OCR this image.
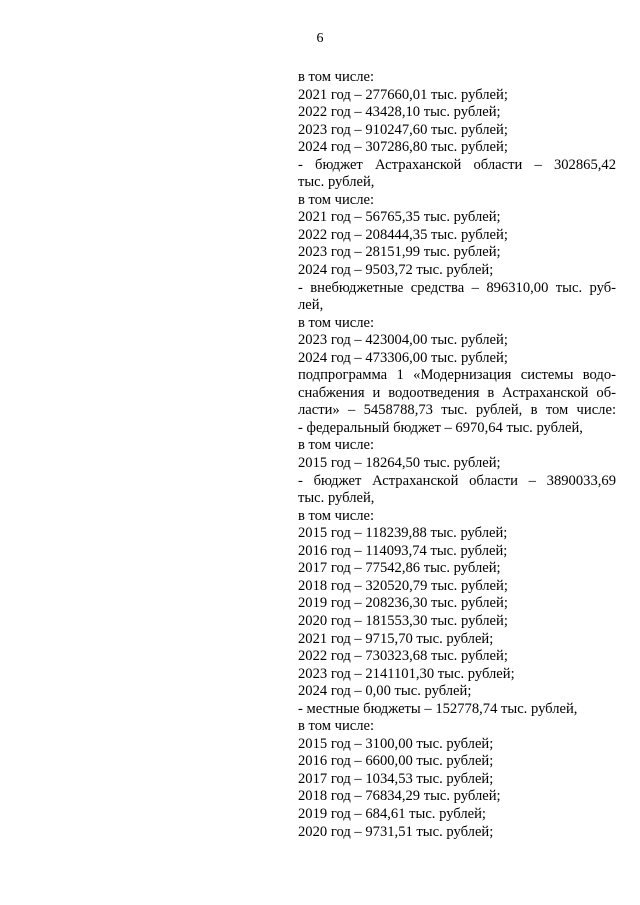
6
в том числе:
2021 год – 277660,01 тыс. рублей;
2022 год – 43428,10 тыс. рублей;
2023 год – 910247,60 тыс. рублей;
2024 год – 307286,80 тыс. рублей;
- бюджет Астраханской области – 302865,42
тыс. рублей,
в том числе:
2021 год – 56765,35 тыс. рублей;
2022 год – 208444,35 тыс. рублей;
2023 год – 28151,99 тыс. рублей;
2024 год – 9503,72 тыс. рублей;
- внебюджетные средства – 896310,00 тыс. руб-
лей,
в том числе:
2023 год – 423004,00 тыс. рублей;
2024 год – 473306,00 тыс. рублей;
подпрограмма 1 «Модернизация системы водо-
снабжения и водоотведения в Астраханской об-
ласти» – 5458788,73 тыс. рублей, в том числе:
- федеральный бюджет – 6970,64 тыс. рублей,
в том числе:
2015 год – 18264,50 тыс. рублей;
- бюджет Астраханской области – 3890033,69
тыс. рублей,
в том числе:
2015 год – 118239,88 тыс. рублей;
2016 год – 114093,74 тыс. рублей;
2017 год – 77542,86 тыс. рублей;
2018 год – 320520,79 тыс. рублей;
2019 год – 208236,30 тыс. рублей;
2020 год – 181553,30 тыс. рублей;
2021 год – 9715,70 тыс. рублей;
2022 год – 730323,68 тыс. рублей;
2023 год – 2141101,30 тыс. рублей;
2024 год – 0,00 тыс. рублей;
- местные бюджеты – 152778,74 тыс. рублей,
в том числе:
2015 год – 3100,00 тыс. рублей;
2016 год – 6600,00 тыс. рублей;
2017 год – 1034,53 тыс. рублей;
2018 год – 76834,29 тыс. рублей;
2019 год – 684,61 тыс. рублей;
2020 год – 9731,51 тыс. рублей;
